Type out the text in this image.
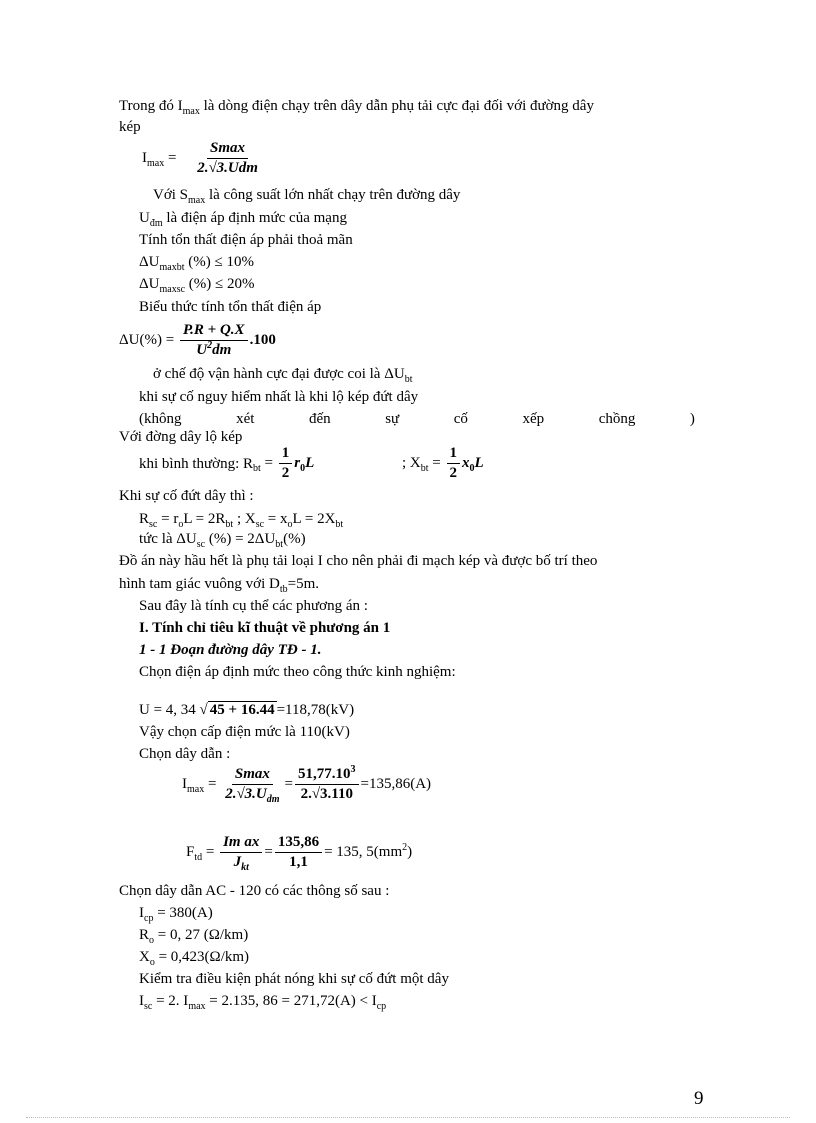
Trong đó $I_{max}$ là dòng điện chạy trên dây dẫn phụ tải cực đại đối với đường dây
kép
$I_{max} = \frac{Smax}{\text{2.√3.Udm}}$
Với $S_{max}$ là công suất lớn nhất chạy trên đường dây
$U_{đm}$ là điện áp định mức của mạng
Tính tổn thất điện áp phải thoả mãn
$\Delta U_{maxbt}$ (%) ≤ 10%
$\Delta U_{maxsc}$ (%) ≤ 20%
Biểu thức tính tổn thất điện áp
$\Delta U(\%) = \frac{P.R + Q.X}{U^2dm} .100$
ở chế độ vận hành cực đại được coi là $\Delta U_{bt}$
khi sự cố nguy hiểm nhất là khi lộ kép đứt dây
(không	xét	đến	sự	cố	xếp	chồng	)
Với đờng dây lộ kép
khi bình thường: $R_{bt} = \frac{1}{2} r_0L$	; $X_{bt} = \frac{1}{2} x_0L$
Khi sự cố đứt dây thì :
$R_{sc} = r_oL = 2R_{bt}$ ; $X_{sc} = x_oL = 2X_{bt}$
tức là $\Delta U_{sc}$ (%) = $2\Delta U_{bt}(\%)$
Đồ án này hầu hết là phụ tải loại I cho nên phải đi mạch kép và được bố trí theo
hình tam giác vuông với $D_{tb}=5m$.
Sau đây là tính cụ thể các phương án :
I. Tính chỉ tiêu kĩ thuật về phương án 1
1 - 1 Đoạn đường dây TĐ - 1.
Chọn điện áp định mức theo công thức kinh nghiệm:
U = 4, 34 √ 45 + 16.44 =118,78(kV)
Vậy chọn cấp điện mức là 110(kV)
Chọn dây dẫn :
$I_{max} = \frac{Smax}{2.√3.U_{dm}} = \frac{51,77.10^3}{2.√3.110} =135,86(A)$
$F_{td} = \frac{\text{Im ax}}{J_{kt}} = \frac{135,86}{1,1} = 135$, $5(mm^2)$
Chọn dây dẫn AC - 120 có các thông số sau :
$I_{cp} = 380(A)$
$R_o = 0$, 27 (Ω/km)
$X_o = 0,423(\Omega/km)$
Kiểm tra điều kiện phát nóng khi sự cố đứt một dây
$I_{sc} = 2$. $I_{max} = 2.135$, $86 = 271,72(A) < I_{cp}$
9
